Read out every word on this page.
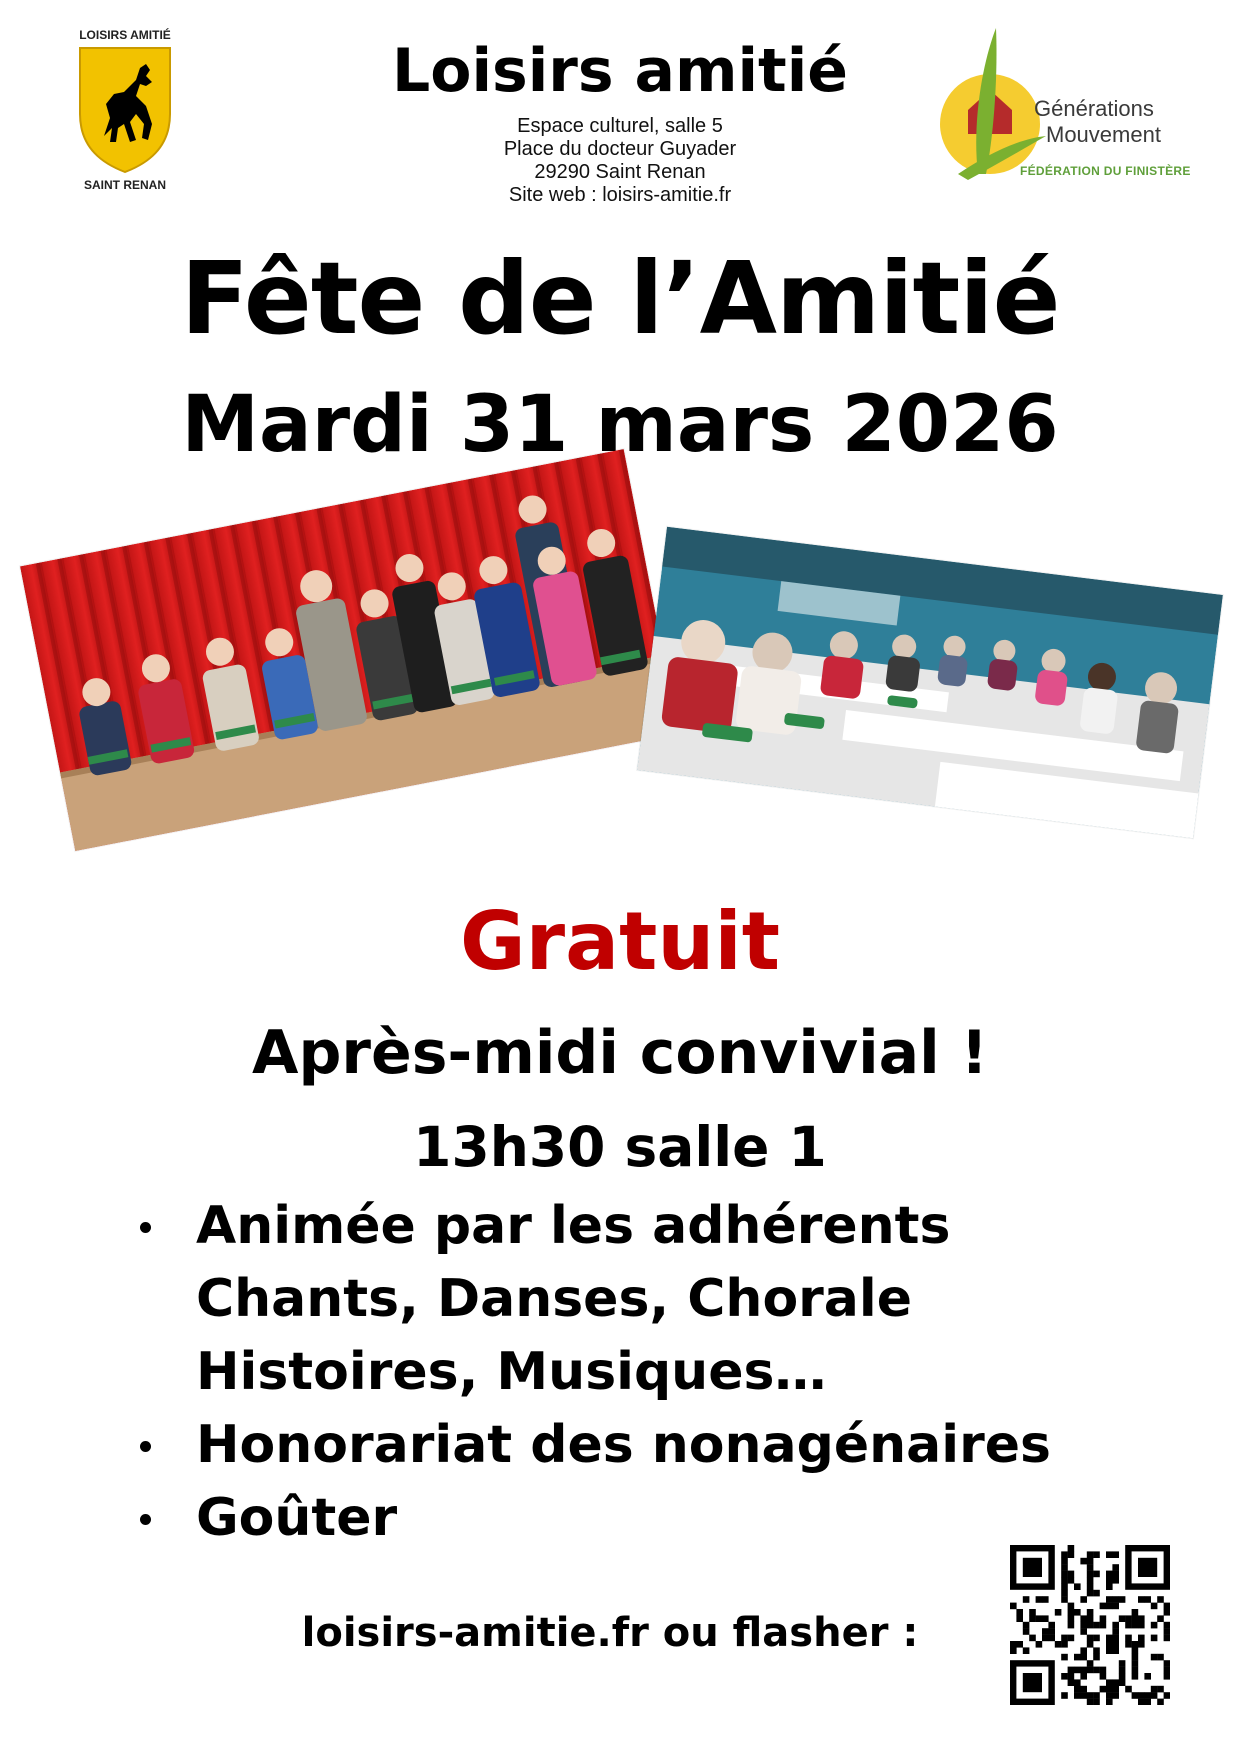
LOISIRS AMITIÉ
SAINT RENAN
Générations
Mouvement
FÉDÉRATION DU FINISTÈRE
Loisirs amitié
Espace culturel, salle 5
Place du docteur Guyader
29290 Saint Renan
Site web : loisirs-amitie.fr
Fête de l’Amitié
Mardi 31 mars 2026
Gratuit
Après-midi convivial !
13h30 salle 1
Animée par les adhérents
Chants, Danses, Chorale
Histoires, Musiques…
Honorariat des nonagénaires
Goûter
loisirs-amitie.fr ou flasher :
